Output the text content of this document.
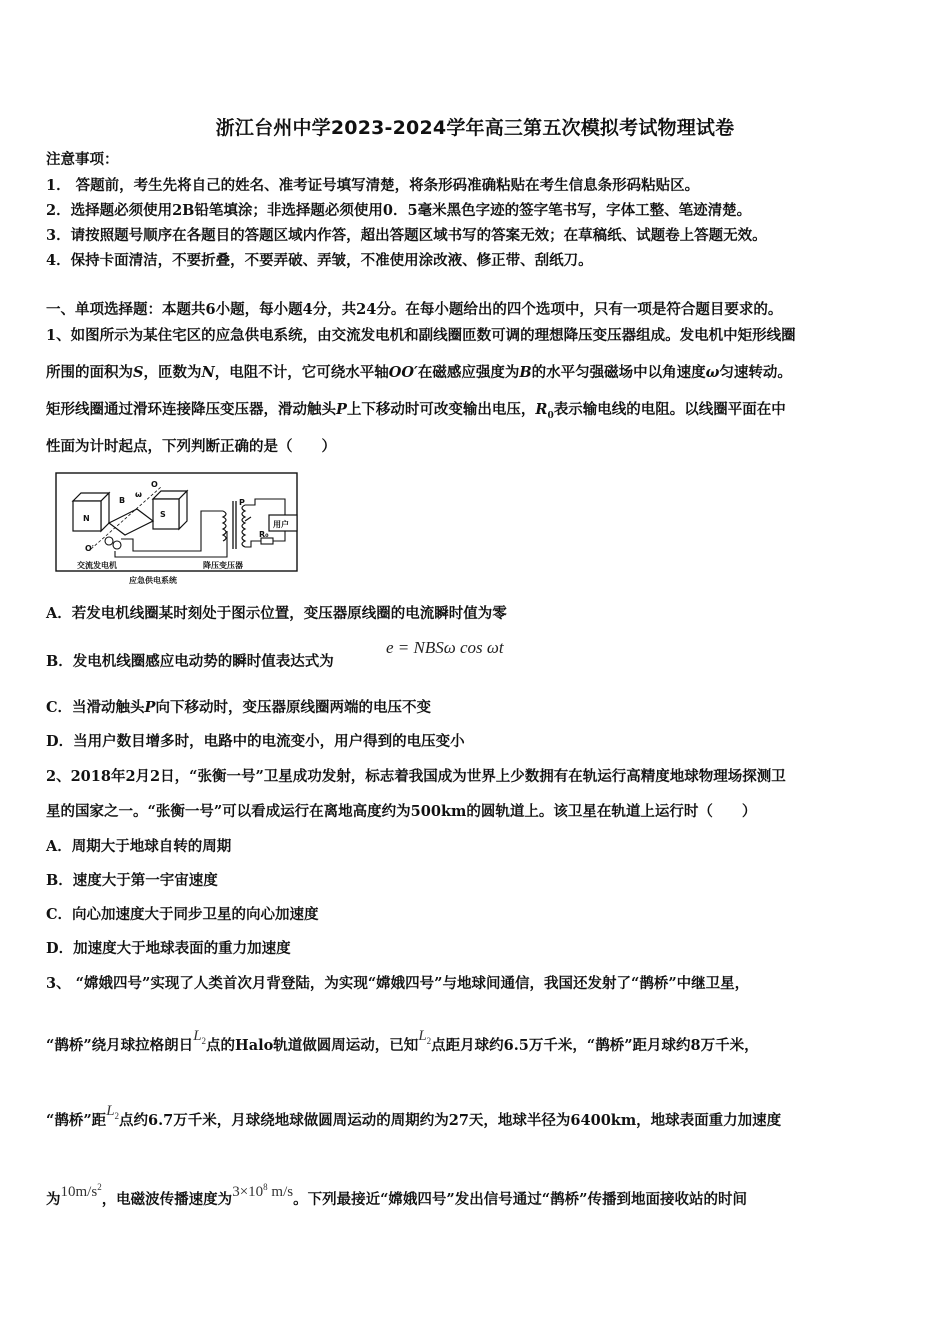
浙江台州中学2023-2024学年高三第五次模拟考试物理试卷
注意事项：
1． 答题前，考生先将自己的姓名、准考证号填写清楚，将条形码准确粘贴在考生信息条形码粘贴区。
2．选择题必须使用2B铅笔填涂；非选择题必须使用0．5毫米黑色字迹的签字笔书写，字体工整、笔迹清楚。
3．请按照题号顺序在各题目的答题区域内作答，超出答题区域书写的答案无效；在草稿纸、试题卷上答题无效。
4．保持卡面清洁，不要折叠，不要弄破、弄皱，不准使用涂改液、修正带、刮纸刀。
一、单项选择题：本题共6小题，每小题4分，共24分。在每小题给出的四个选项中，只有一项是符合题目要求的。
1、如图所示为某住宅区的应急供电系统，由交流发电机和副线圈匝数可调的理想降压变压器组成。发电机中矩形线圈
所围的面积为S，匝数为N，电阻不计，它可绕水平轴OO′在磁感应强度为B的水平匀强磁场中以角速度ω匀速转动。
矩形线圈通过滑环连接降压变压器，滑动触头P上下移动时可改变输出电压，$R_0$表示输电线的电阻。以线圈平面在中
性面为计时起点，下列判断正确的是（　　）
N	S
B
O
O′
ω
P
R₀
用户
交流发电机	降压变压器
应急供电系统
A．若发电机线圈某时刻处于图示位置，变压器原线圈的电流瞬时值为零
B．发电机线圈感应电动势的瞬时值表达式为
e = NBSω cos ωt
C．当滑动触头P向下移动时，变压器原线圈两端的电压不变
D．当用户数目增多时，电路中的电流变小，用户得到的电压变小
2、2018年2月2日，“张衡一号”卫星成功发射，标志着我国成为世界上少数拥有在轨运行高精度地球物理场探测卫
星的国家之一。“张衡一号”可以看成运行在离地高度约为500km的圆轨道上。该卫星在轨道上运行时（　　）
A．周期大于地球自转的周期
B．速度大于第一宇宙速度
C．向心加速度大于同步卫星的向心加速度
D．加速度大于地球表面的重力加速度
3、 “嫦娥四号”实现了人类首次月背登陆，为实现“嫦娥四号”与地球间通信，我国还发射了“鹊桥”中继卫星，
“鹊桥”绕月球拉格朗日$L_2$点的Halo轨道做圆周运动，已知$L_2$点距月球约6.5万千米，“鹊桥”距月球约8万千米，
“鹊桥”距$L_2$点约6.7万千米，月球绕地球做圆周运动的周期约为27天，地球半径为6400km，地球表面重力加速度
为$10m/s^2$，电磁波传播速度为$3\times 10^8$ m/s。下列最接近“嫦娥四号”发出信号通过“鹊桥”传播到地面接收站的时间
